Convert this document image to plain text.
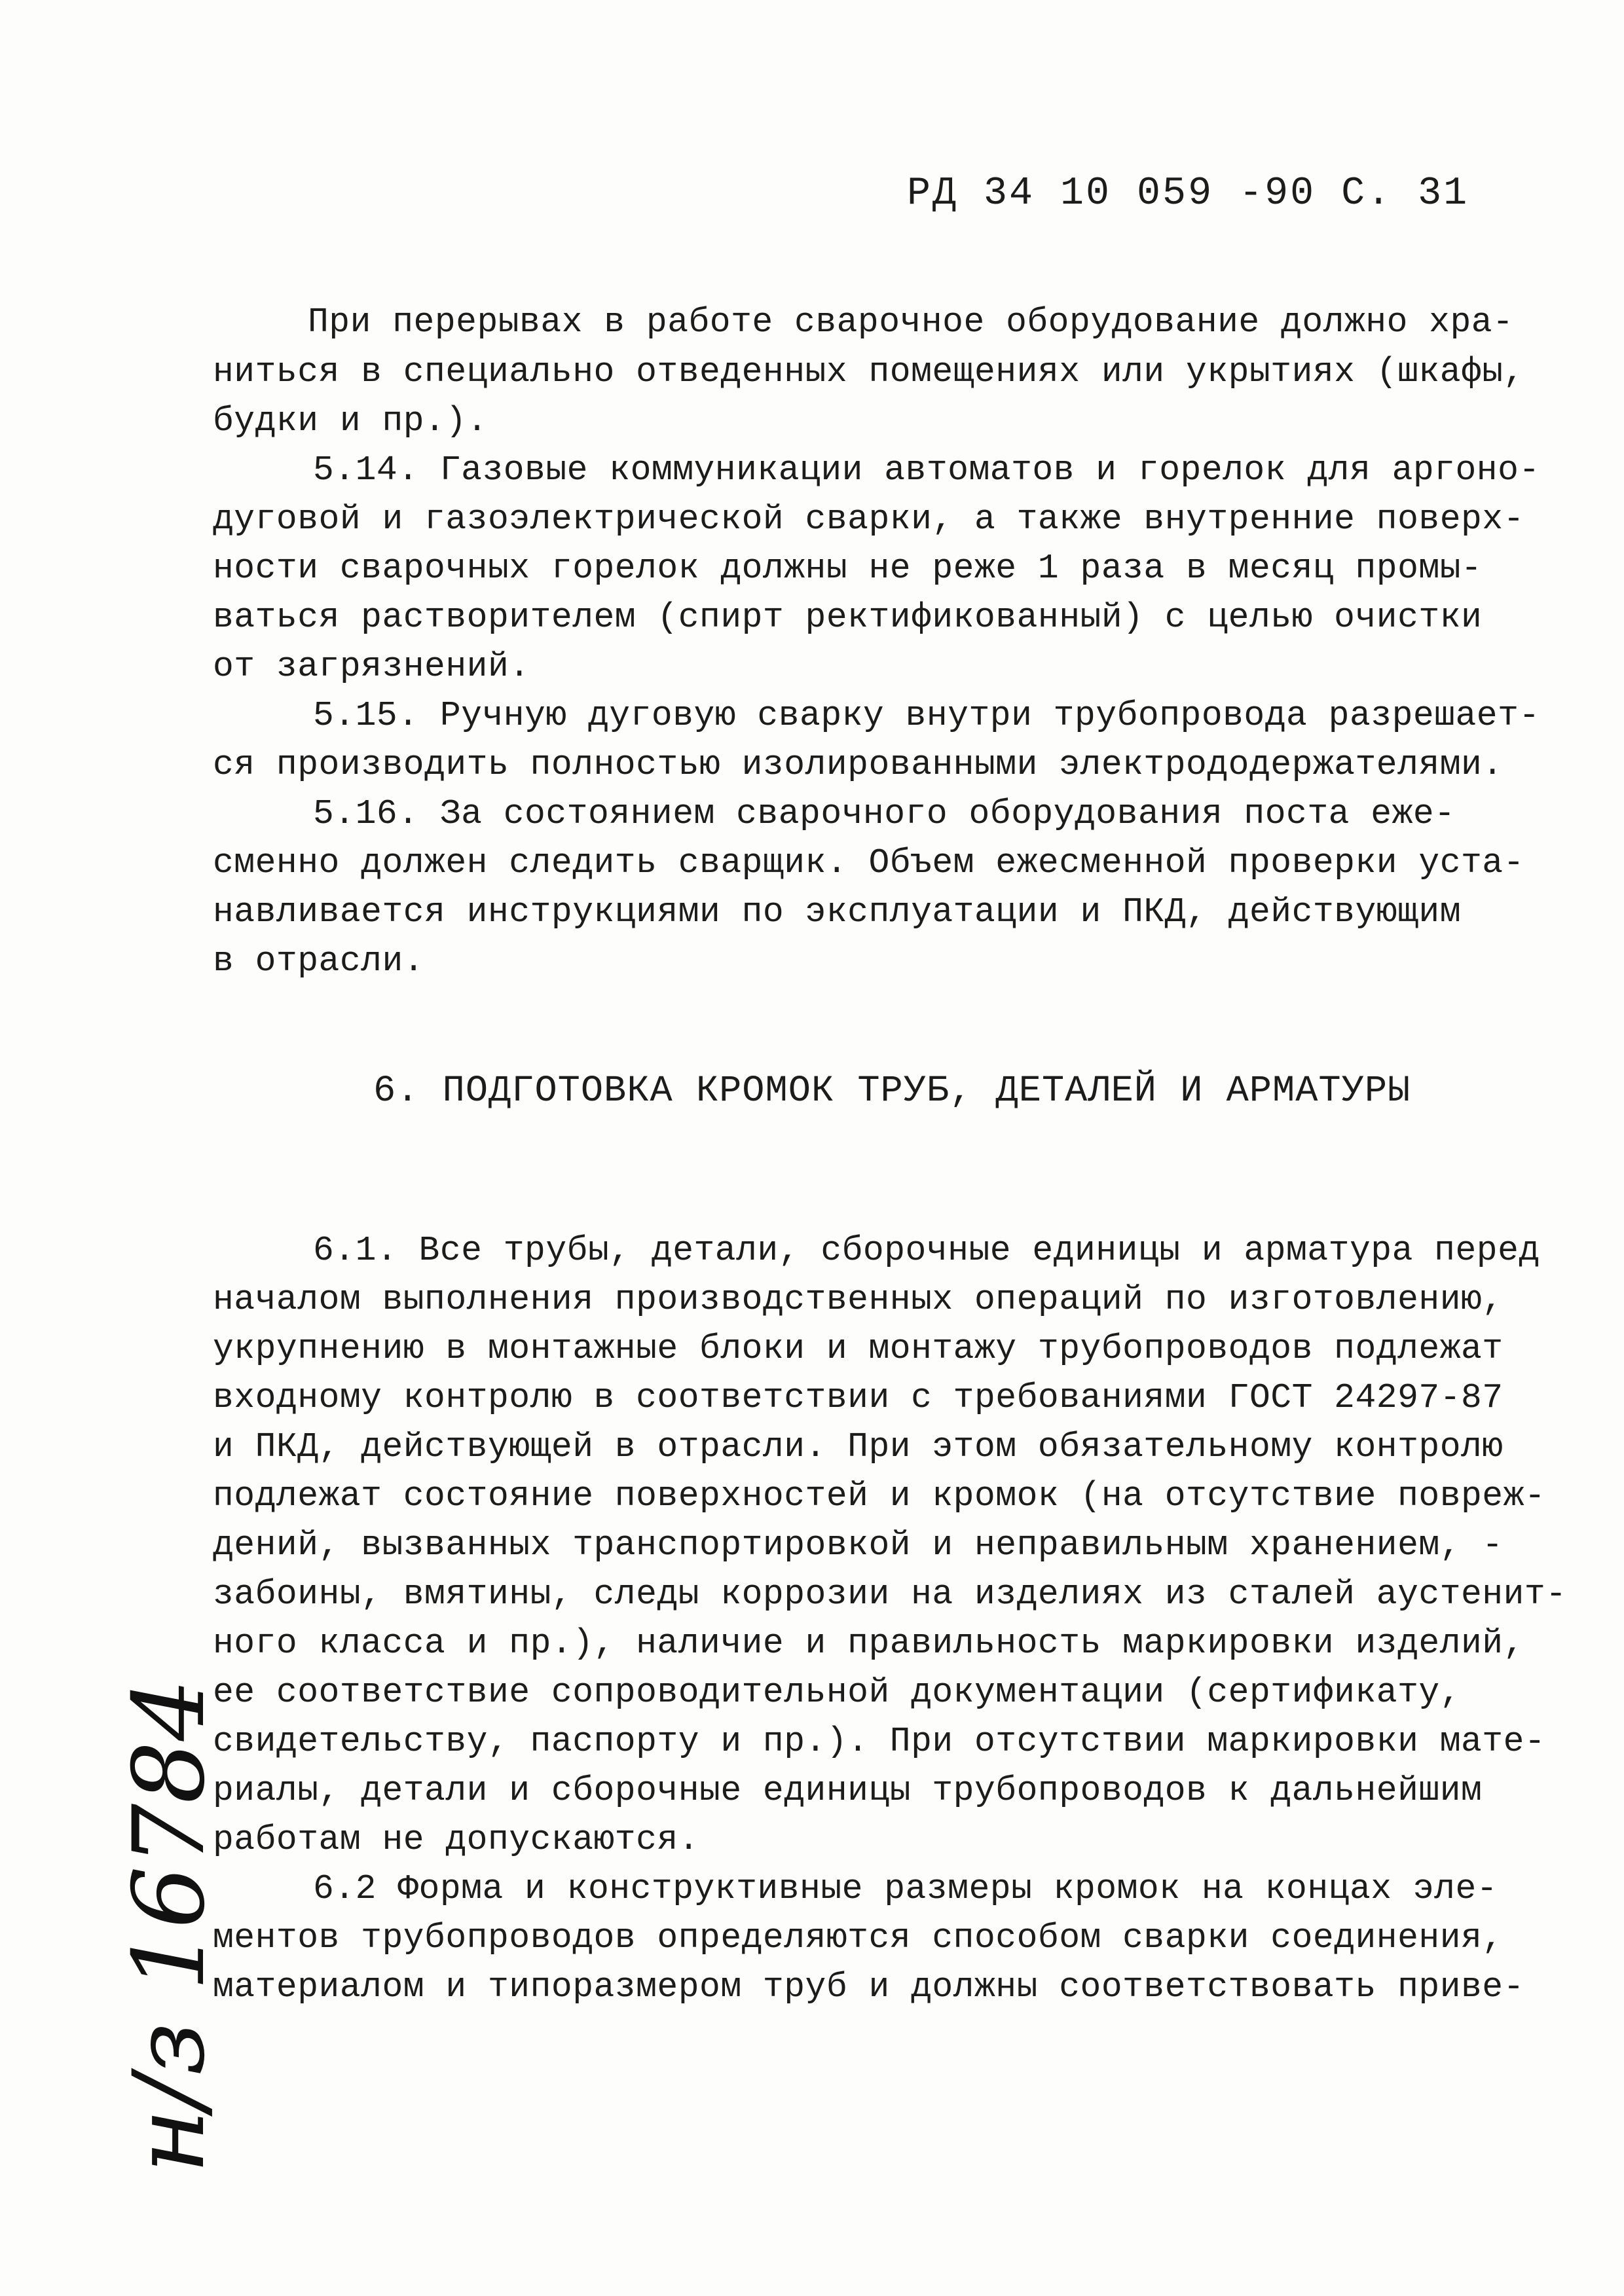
РД 34 10 059 -90 С. 31
При перерывах в работе сварочное оборудование должно хра-
ниться в специально отведенных помещениях или укрытиях (шкафы,
будки и пр.).
5.14. Газовые коммуникации автоматов и горелок для аргоно-
дуговой и газоэлектрической сварки, а также внутренние поверх-
ности сварочных горелок должны не реже 1 раза в месяц промы-
ваться растворителем (спирт ректификованный) с целью очистки
от загрязнений.
5.15. Ручную дуговую сварку внутри трубопровода разрешает-
ся производить полностью изолированными электрододержателями.
5.16. За состоянием сварочного оборудования поста еже-
сменно должен следить сварщик. Объем ежесменной проверки уста-
навливается инструкциями по эксплуатации и ПКД, действующим
в отрасли.
6. ПОДГОТОВКА КРОМОК ТРУБ, ДЕТАЛЕЙ И АРМАТУРЫ
6.1. Все трубы, детали, сборочные единицы и арматура перед
началом выполнения производственных операций по изготовлению,
укрупнению в монтажные блоки и монтажу трубопроводов подлежат
входному контролю в соответствии с требованиями ГОСТ 24297-87
и ПКД, действующей в отрасли. При этом обязательному контролю
подлежат состояние поверхностей и кромок (на отсутствие повреж-
дений, вызванных транспортировкой и неправильным хранением, -
забоины, вмятины, следы коррозии на изделиях из сталей аустенит-
ного класса и пр.), наличие и правильность маркировки изделий,
ее соответствие сопроводительной документации (сертификату,
свидетельству, паспорту и пр.). При отсутствии маркировки мате-
риалы, детали и сборочные единицы трубопроводов к дальнейшим
работам не допускаются.
6.2 Форма и конструктивные размеры кромок на концах эле-
ментов трубопроводов определяются способом сварки соединения,
материалом и типоразмером труб и должны соответствовать приве-
н/з 16784 /31
